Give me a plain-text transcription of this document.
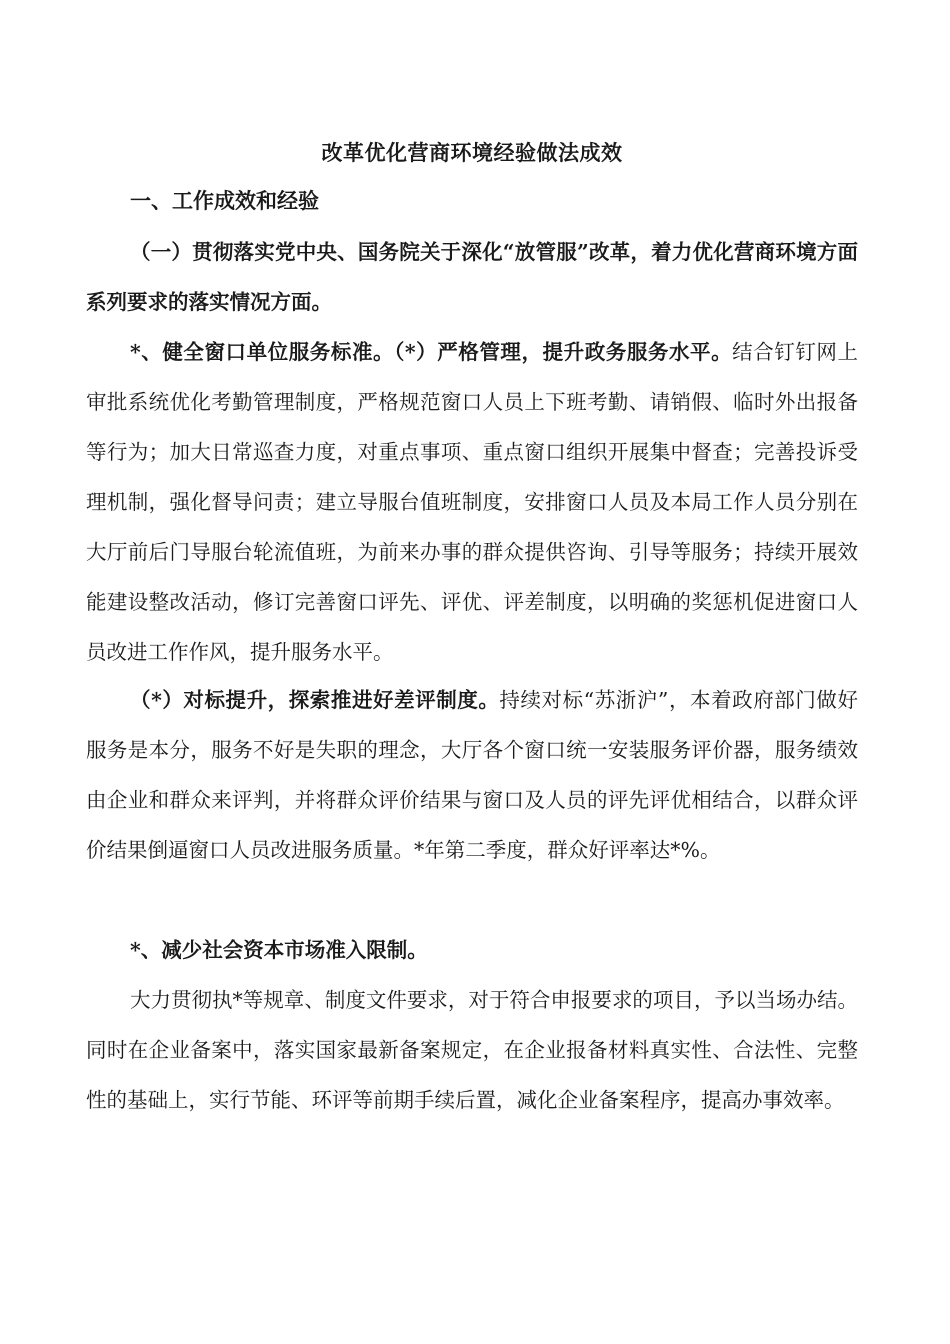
改革优化营商环境经验做法成效
一、工作成效和经验

（一）贯彻落实党中央、国务院关于深化“放管服”改革，着力优化营商环境方面系列要求的落实情况方面。

*、健全窗口单位服务标准。（*）严格管理，提升政务服务水平。结合钉钉网上审批系统优化考勤管理制度，严格规范窗口人员上下班考勤、请销假、临时外出报备等行为；加大日常巡查力度，对重点事项、重点窗口组织开展集中督查；完善投诉受理机制，强化督导问责；建立导服台值班制度，安排窗口人员及本局工作人员分别在大厅前后门导服台轮流值班，为前来办事的群众提供咨询、引导等服务；持续开展效能建设整改活动，修订完善窗口评先、评优、评差制度，以明确的奖惩机促进窗口人员改进工作作风，提升服务水平。

（*）对标提升，探索推进好差评制度。持续对标“苏浙沪”，本着政府部门做好服务是本分，服务不好是失职的理念，大厅各个窗口统一安装服务评价器，服务绩效由企业和群众来评判，并将群众评价结果与窗口及人员的评先评优相结合，以群众评价结果倒逼窗口人员改进服务质量。*年第二季度，群众好评率达*%。

*、减少社会资本市场准入限制。

大力贯彻执*等规章、制度文件要求，对于符合申报要求的项目，予以当场办结。同时在企业备案中，落实国家最新备案规定，在企业报备材料真实性、合法性、完整性的基础上，实行节能、环评等前期手续后置，减化企业备案程序，提高办事效率。
